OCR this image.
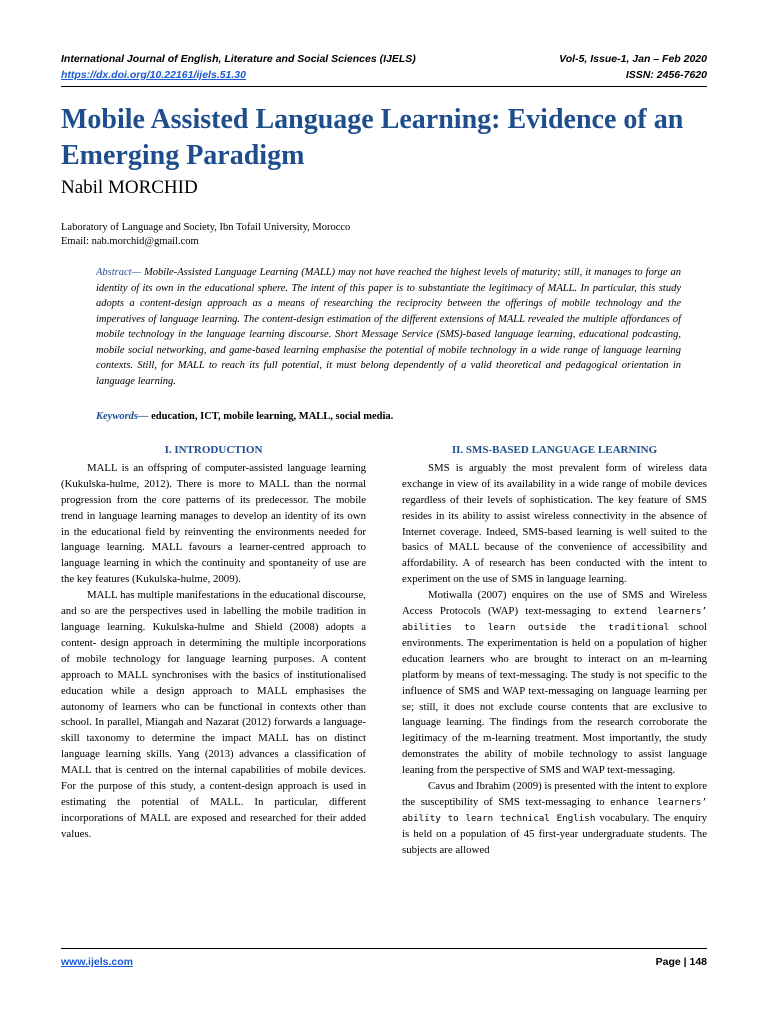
International Journal of English, Literature and Social Sciences (IJELS)	Vol-5, Issue-1, Jan – Feb 2020
https://dx.doi.org/10.22161/ijels.51.30	ISSN: 2456-7620
Mobile Assisted Language Learning: Evidence of an Emerging Paradigm
Nabil MORCHID
Laboratory of Language and Society, Ibn Tofail University, Morocco
Email: nab.morchid@gmail.com
Abstract— Mobile-Assisted Language Learning (MALL) may not have reached the highest levels of maturity; still, it manages to forge an identity of its own in the educational sphere. The intent of this paper is to substantiate the legitimacy of MALL. In particular, this study adopts a content-design approach as a means of researching the reciprocity between the offerings of mobile technology and the imperatives of language learning. The content-design estimation of the different extensions of MALL revealed the multiple affordances of mobile technology in the language learning discourse. Short Message Service (SMS)-based language learning, educational podcasting, mobile social networking, and game-based learning emphasise the potential of mobile technology in a wide range of language learning contexts. Still, for MALL to reach its full potential, it must belong dependently of a valid theoretical and pedagogical orientation in language learning.
Keywords— education, ICT, mobile learning, MALL, social media.
I. INTRODUCTION

MALL is an offspring of computer-assisted language learning (Kukulska-hulme, 2012). There is more to MALL than the normal progression from the core patterns of its predecessor. The mobile trend in language learning manages to develop an identity of its own in the educational field by reinventing the environments needed for language learning. MALL favours a learner-centred approach to language learning in which the continuity and spontaneity of use are the key features (Kukulska-hulme, 2009).

MALL has multiple manifestations in the educational discourse, and so are the perspectives used in labelling the mobile tradition in language learning. Kukulska-hulme and Shield (2008) adopts a content- design approach in determining the multiple incorporations of mobile technology for language learning purposes. A content approach to MALL synchronises with the basics of institutionalised education while a design approach to MALL emphasises the autonomy of learners who can be functional in contexts other than school. In parallel, Miangah and Nazarat (2012) forwards a language-skill taxonomy to determine the impact MALL has on distinct language learning skills. Yang (2013) advances a classification of MALL that is centred on the internal capabilities of mobile devices. For the purpose of this study, a content-design approach is used in estimating the potential of MALL. In particular, different incorporations of MALL are exposed and researched for their added values.

II. SMS-BASED LANGUAGE LEARNING

SMS is arguably the most prevalent form of wireless data exchange in view of its availability in a wide range of mobile devices regardless of their levels of sophistication. The key feature of SMS resides in its ability to assist wireless connectivity in the absence of Internet coverage. Indeed, SMS-based learning is well suited to the basics of MALL because of the convenience of accessibility and affordability. A of research has been conducted with the intent to experiment on the use of SMS in language learning.

Motiwalla (2007) enquires on the use of SMS and Wireless Access Protocols (WAP) text-messaging to extend learners’ abilities to learn outside the traditional school environments. The experimentation is held on a population of higher education learners who are brought to interact on an m-learning platform by means of text-messaging. The study is not specific to the influence of SMS and WAP text-messaging on language learning per se; still, it does not exclude course contents that are exclusive to language learning. The findings from the research corroborate the legitimacy of the m-learning treatment. Most importantly, the study demonstrates the ability of mobile technology to assist language leaning from the perspective of SMS and WAP text-messaging.

Cavus and Ibrahim (2009) is presented with the intent to explore the susceptibility of SMS text-messaging to enhance learners’ ability to learn technical English vocabulary. The enquiry is held on a population of 45 first-year undergraduate students. The subjects are allowed

www.ijels.com	Page | 148
